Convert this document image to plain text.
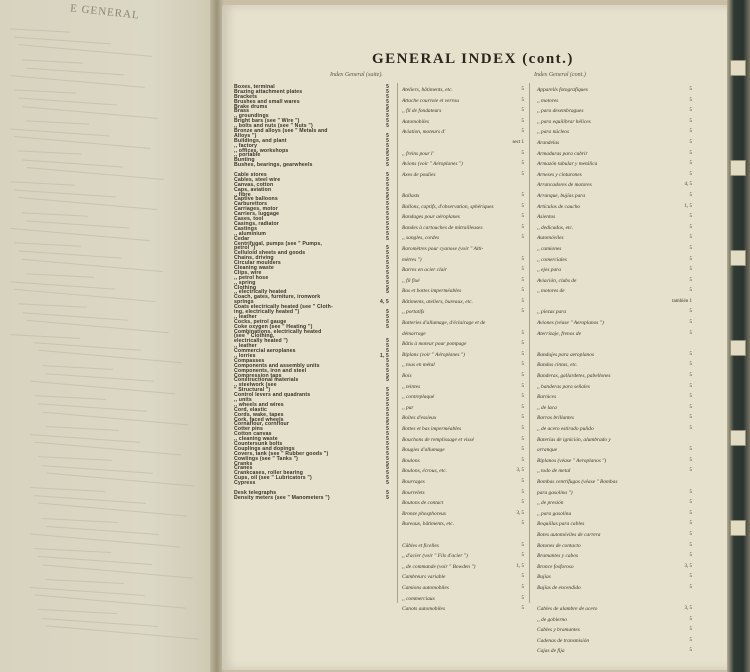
E GENERAL
GENERAL INDEX (cont.)
Index General (suite).	Index General (cont.)
Boxes, terminal	5
Brazing attachment plates	5
Brackets	5
Brushes and small wares	5
Brake drums	5
Brass	5
,, groundings	5
Bright bars (see " Wire ")	5
,, bolts and nuts (see " Nuts ")	5
Bronze and alloys (see " Metals and
Alloys ")	5
Buildings, and plant	5
,, factory	5
,, offices, workshops	5
,, portable	5
Bunting	5
Bushes, bearings, gearwheels	5
Cable stores	5
Cables, steel wire	5
Canvas, cotton	5
Caps, aviation	5
,, fibre	5
Captive balloons	5
Carburettors	5
Carriages, motor	5
Carriers, luggage	5
Cases, tool	5
Casings, radiator	5
Castings	5
,, aluminium	5
Cedar	5
Centrifugal, pumps (see " Pumps,
petrol ")	5
Celluloid sheets and goods	5
Chains, driving	5
Circular moulders	5
Cleaning waste	5
Clips, wire	5
,, petrol hose	5
,, spring	5
Clothing	5
,, electrically heated	5
Coach, gates, furniture, ironwork
springs	4, 5
Coats electrically heated (see " Cloth-
ing, electrically heated ")	5
,, leather	5
Cocks, petrol gauge	5
Coke oxygen (see " Heating ")	5
Combinations, electrically heated
(see " Clothing,
electrically heated ")	5
,, leather	5
Commercial aeroplanes	5
,, lorries	1, 5
Compasses	5
Components and assembly units	5
Components, iron and steel	5
Compression taps	5
Constructional materials	5
,, steelwork (see
" Structural ")	5
Control levers and quadrants	5
,, units	5
,, wheels and wires	5
Cord, elastic	5
Cords, wake, tapes	5
Cork, faced wheels	5
Cornaflour, cornflour	5
Cotter pins	5
Cotton canvas	5
,, cleaning waste	5
Countersunk bolts	5
Couplings and dopings	5
Covers, tank (see " Rubber goods ")	5
Cowlings (see " Tanks ")	5
Cranks	5
Cranes	5
Crankcases, roller bearing	5
Cups, oil (see " Lubricators ")	5
Cypress	5
Desk telegraphs	5
Density meters (see " Manometers ")	5
Ateliers, bâtiments, etc.	5
Attache courroie et verrou	5
,, fil de fondateurs	5
Automobiles	5
Aviation, moteurs d'	5
sect 1
,, freins pour l'	5
Avions (voir " Aéroplanes ")	5
Axes de poulies	5
Ballasts	5
Ballons, captifs, d'observation, sphériques	5
Bandages pour aéroplanes	5
Bandes à cartouches de mitrailleuses	5
,, sangles, cordes	5
Baromètres pour cyanose (voir " Alti-
mètres ")	5
Barres en acier clair	5
,, fil fixé	5
Bas et bottes imperméables	5
Bâtiments, ateliers, bureaux, etc.	5
,, portatifs	5
Batteries d'allumage, d'éclairage et de
démarrage	5
Bâtis à moteur pour pompage	5
Biplans (voir " Aéroplanes ")	5
,, tous en métal	5
Bois	5
,, teintes	5
,, contreplaqué	5
,, pur	5
Boîtes d'essieux	5
Bottes et bas imperméables	5
Bouchons de remplissage et vissé	5
Bougies d'allumage	5
Boulons	5
Boulons, écrous, etc.	3, 5
Bourrages	5
Bourrelets	5
Boutons de contact	5
Bronze phosphoreux	3, 5
Bureaux, bâtiments, etc.	5
Câbles et ficelles	5
,, d'acier (voir " Fils d'acier ")	5
,, de commande (voir " Bowden ")	1, 5
Cambreurs variable	5
Camions automobiles	5
,, commerciaux	5
Canots automobiles	5
Appareils fotografiques	5
,, motores	5
,, para desembragues	5
,, para equilibrar hélices	5
,, para núcleos	5
Arandelas	5
Armaduras para cubrir	5
Armazón tubular y metálica	5
Arneses y cinturones	5
Arrancadores de motores	4, 5
Arranque, bujías para	5
Artículos de caucho	1, 5
Asientos	5
,, dedicados, etc.	5
Automóviles	5
,, camiones	5
,, comerciales	5
,, ejes para	5
Aviación, clubs de	5
,, motores de	5
también 1
,, piezas para	5
Aviones (véase " Aeroplanos ")	5
Aterrizaje, frenos de	5
Bandajes para aeroplanos	5
Bandas cintas, etc.	5
Banderas, gallardetes, pabellones	5
,, banderas para señales	5
Barnices	5
,, de laca	5
Barras brillantes	5
,, de acero estirado pulido	5
Baterías de ignición, alumbrado y
arranque	5
Biplanos (véase " Aeroplanos ")	5
,, todo de metal	5
Bombas centrífugas (véase " Bombas
para gasolina ")	5
,, de presión	5
,, para gasolina	5
Boquillas para cables	5
Botes automóviles de carrera	5
Botones de contacto	5
Bramantes y cabos	5
Bronce fosforoso	3, 5
Bujías	5
Bujías de encendido	5
Cables de alambre de acero	3, 5
,, de gobierno	5
Cables y bramantes	5
Cadenas de transmisión	5
Cajas de fija	5
